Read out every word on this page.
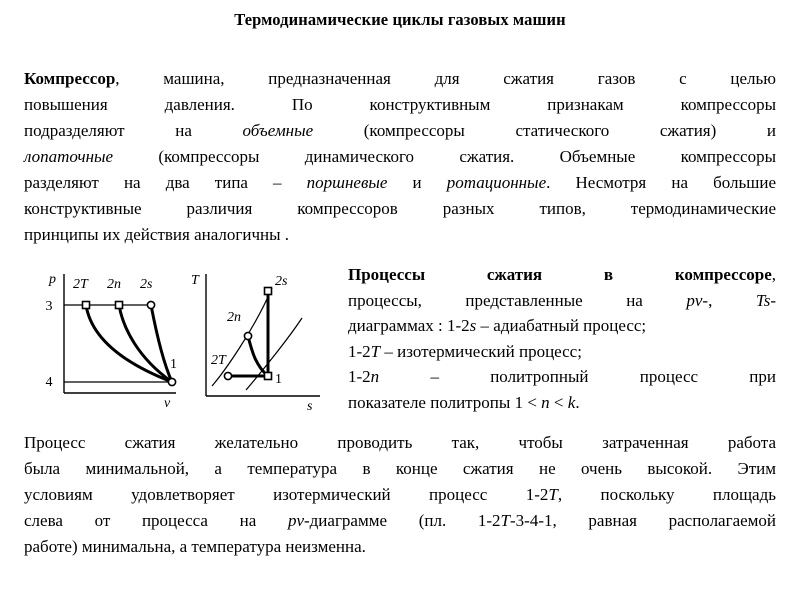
Термодинамические циклы газовых машин
Компрессор, машина, предназначенная для сжатия газов с целью
повышения давления. По конструктивным признакам компрессоры
подразделяют на объемные (компрессоры статического сжатия) и
лопаточные (компрессоры динамического сжатия. Объемные компрессоры
разделяют на два типа – поршневые и ротационные. Несмотря на большие
конструктивные различия компрессоров разных типов, термодинамические
принципы их действия аналогичны .
p
v
3
4
2T 2n 2s
1
T
s
2s
2n
2T
1
Процессы сжатия в компрессоре,
процессы, представленные на	pv-,	Ts-
диаграммах : 1-2s – адиабатный процесс;
1-2T – изотермический процесс;
1-2n	– политропный процесс при
показателе политропы 1 < n < k.
Процесс сжатия желательно проводить так, чтобы затраченная работа
была минимальной, а температура в конце сжатия не очень высокой. Этим
условиям удовлетворяет изотермический процесс 1-2T, поскольку площадь
слева от процесса на pv-диаграмме (пл. 1-2T-3-4-1, равная располагаемой
работе) минимальна, а температура неизменна.
